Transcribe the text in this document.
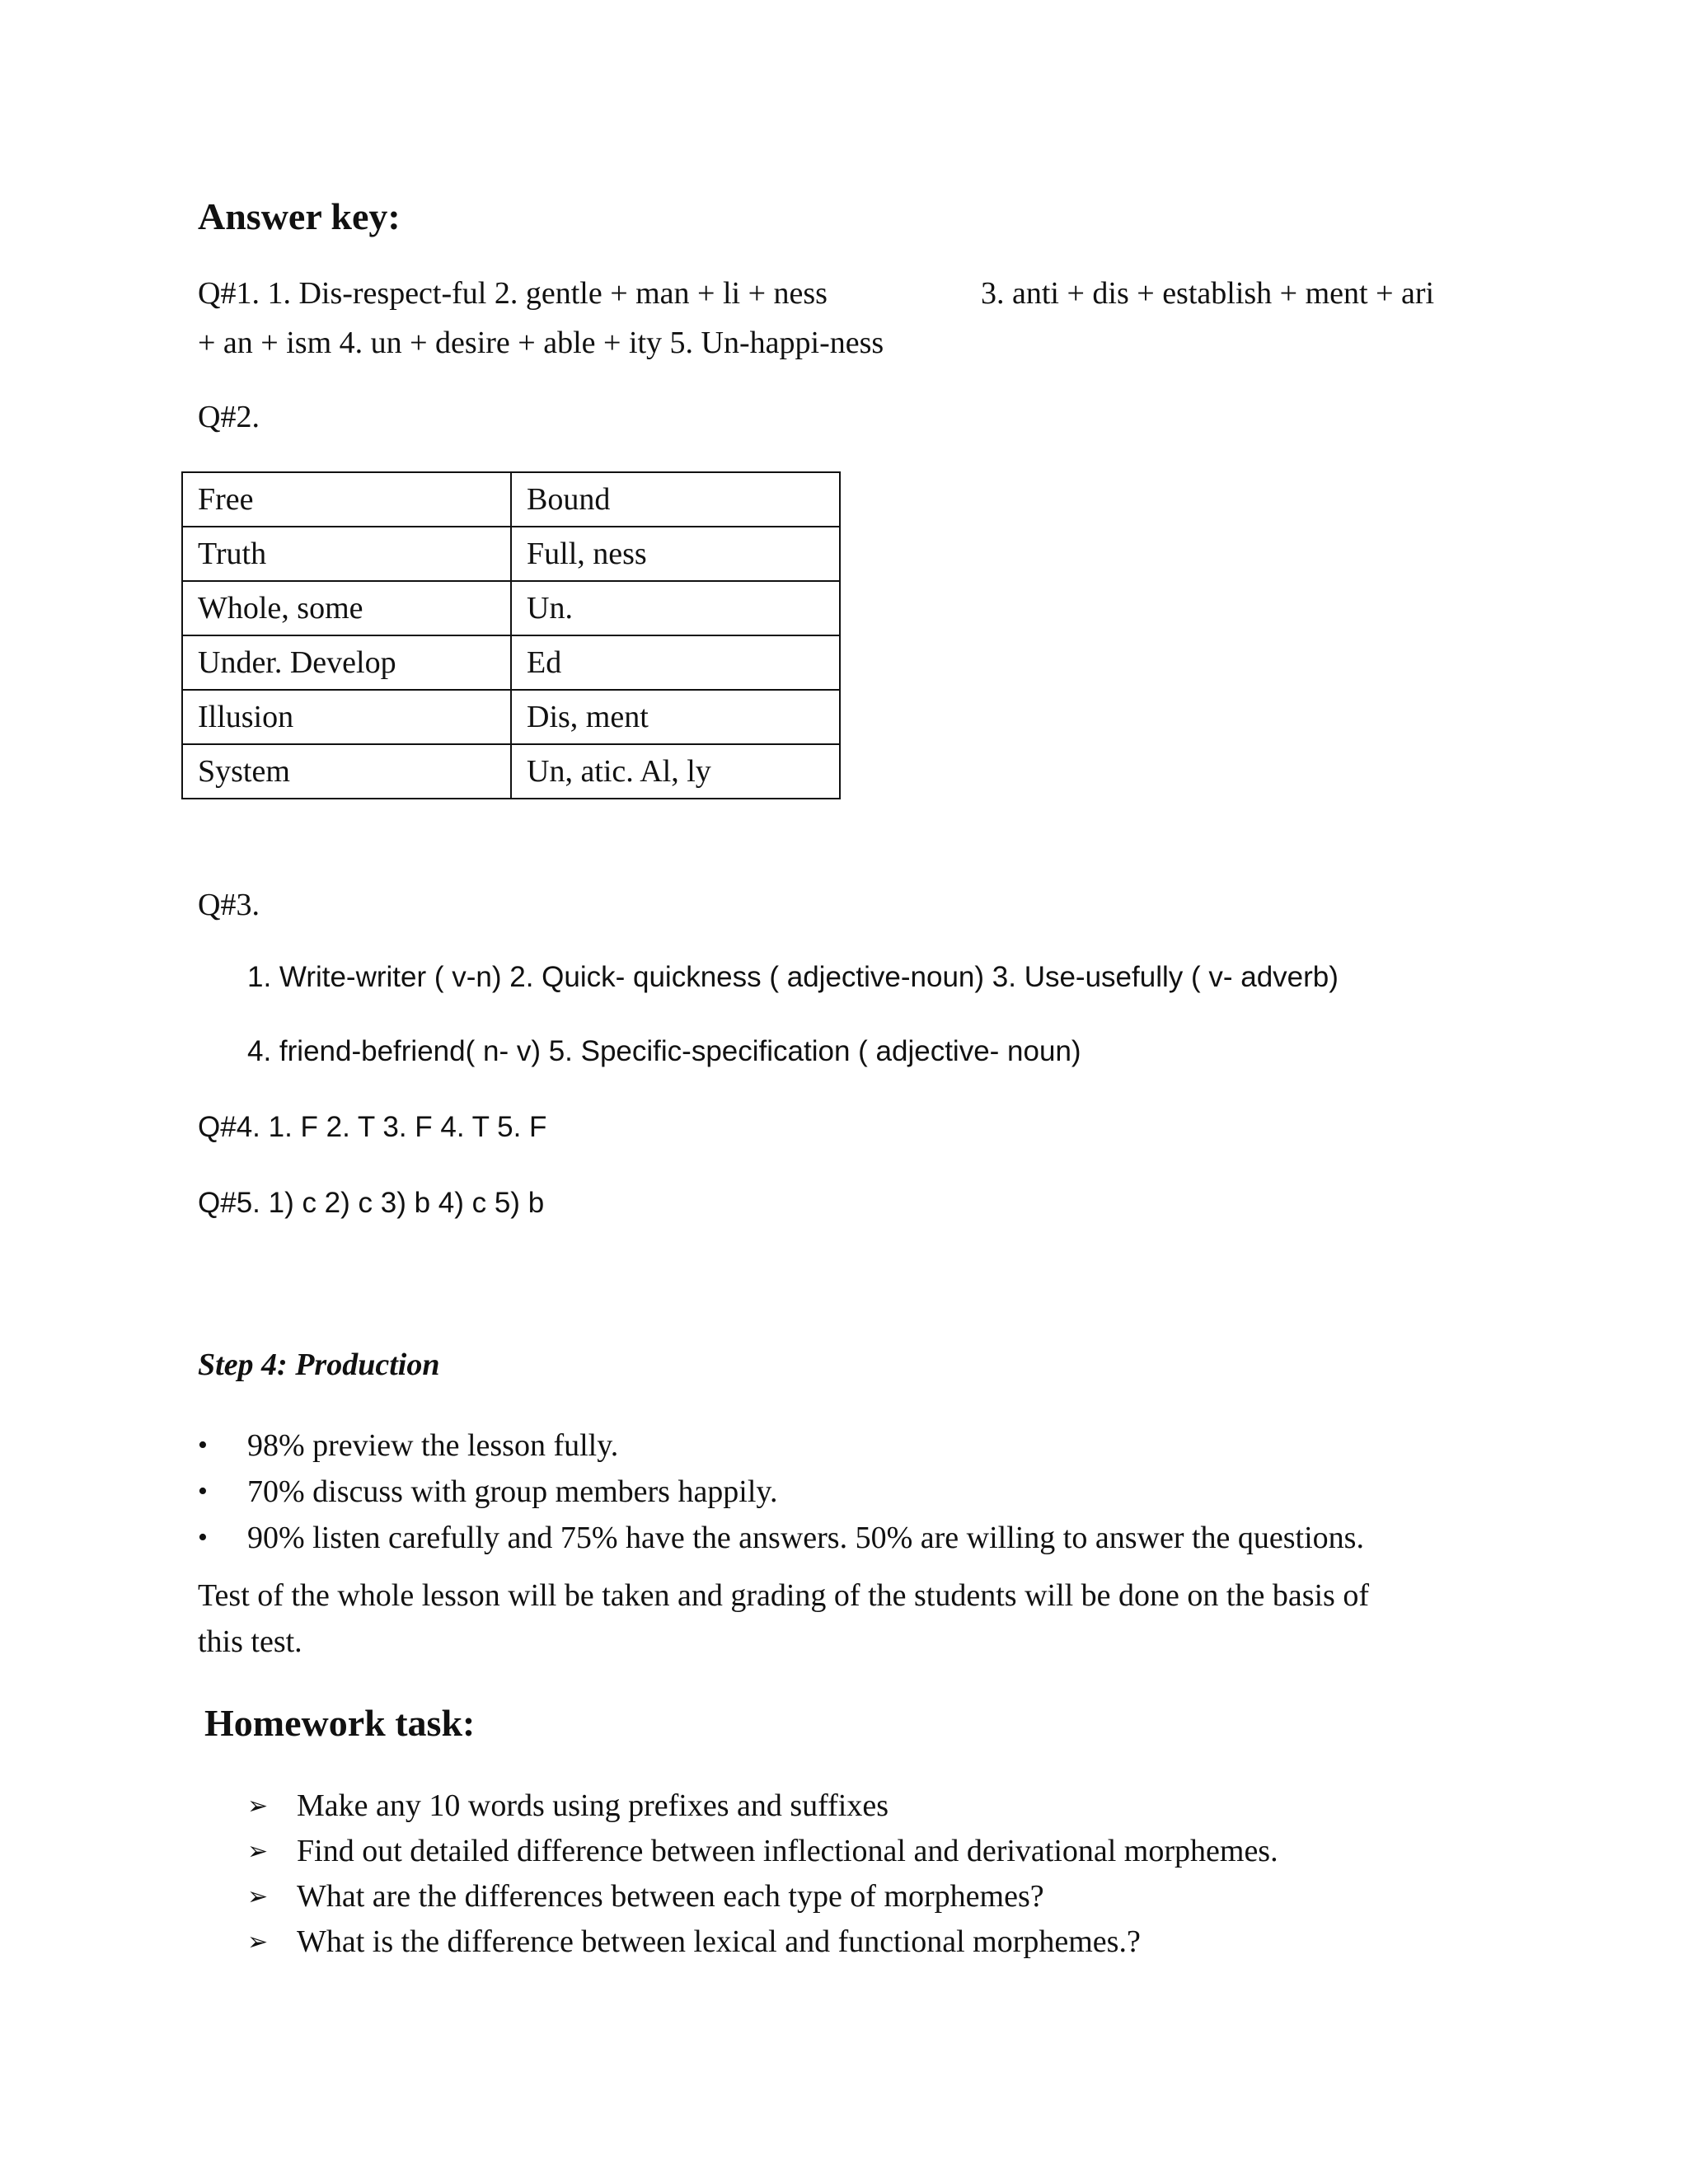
Answer key:
Q#1. 1. Dis-respect-ful 2. gentle + man + li + ness	3. anti + dis + establish + ment + ari
+ an + ism 4. un + desire + able + ity 5. Un-happi-ness
Q#2.
Free	Bound
Truth	Full, ness
Whole, some	Un.
Under. Develop	Ed
Illusion	Dis, ment
System	Un, atic. Al, ly
Q#3.
1. Write-writer ( v-n) 2. Quick- quickness ( adjective-noun) 3. Use-usefully ( v- adverb)
4. friend-befriend( n- v) 5. Specific-specification ( adjective- noun)
Q#4. 1. F 2. T 3. F 4. T 5. F
Q#5. 1) c 2) c 3) b 4) c 5) b
Step 4: Production
• 98% preview the lesson fully.
• 70% discuss with group members happily.
• 90% listen carefully and 75% have the answers. 50% are willing to answer the questions.
Test of the whole lesson will be taken and grading of the students will be done on the basis of
this test.
Homework task:
➢ Make any 10 words using prefixes and suffixes
➢ Find out detailed difference between inflectional and derivational morphemes.
➢ What are the differences between each type of morphemes?
➢ What is the difference between lexical and functional morphemes.?
